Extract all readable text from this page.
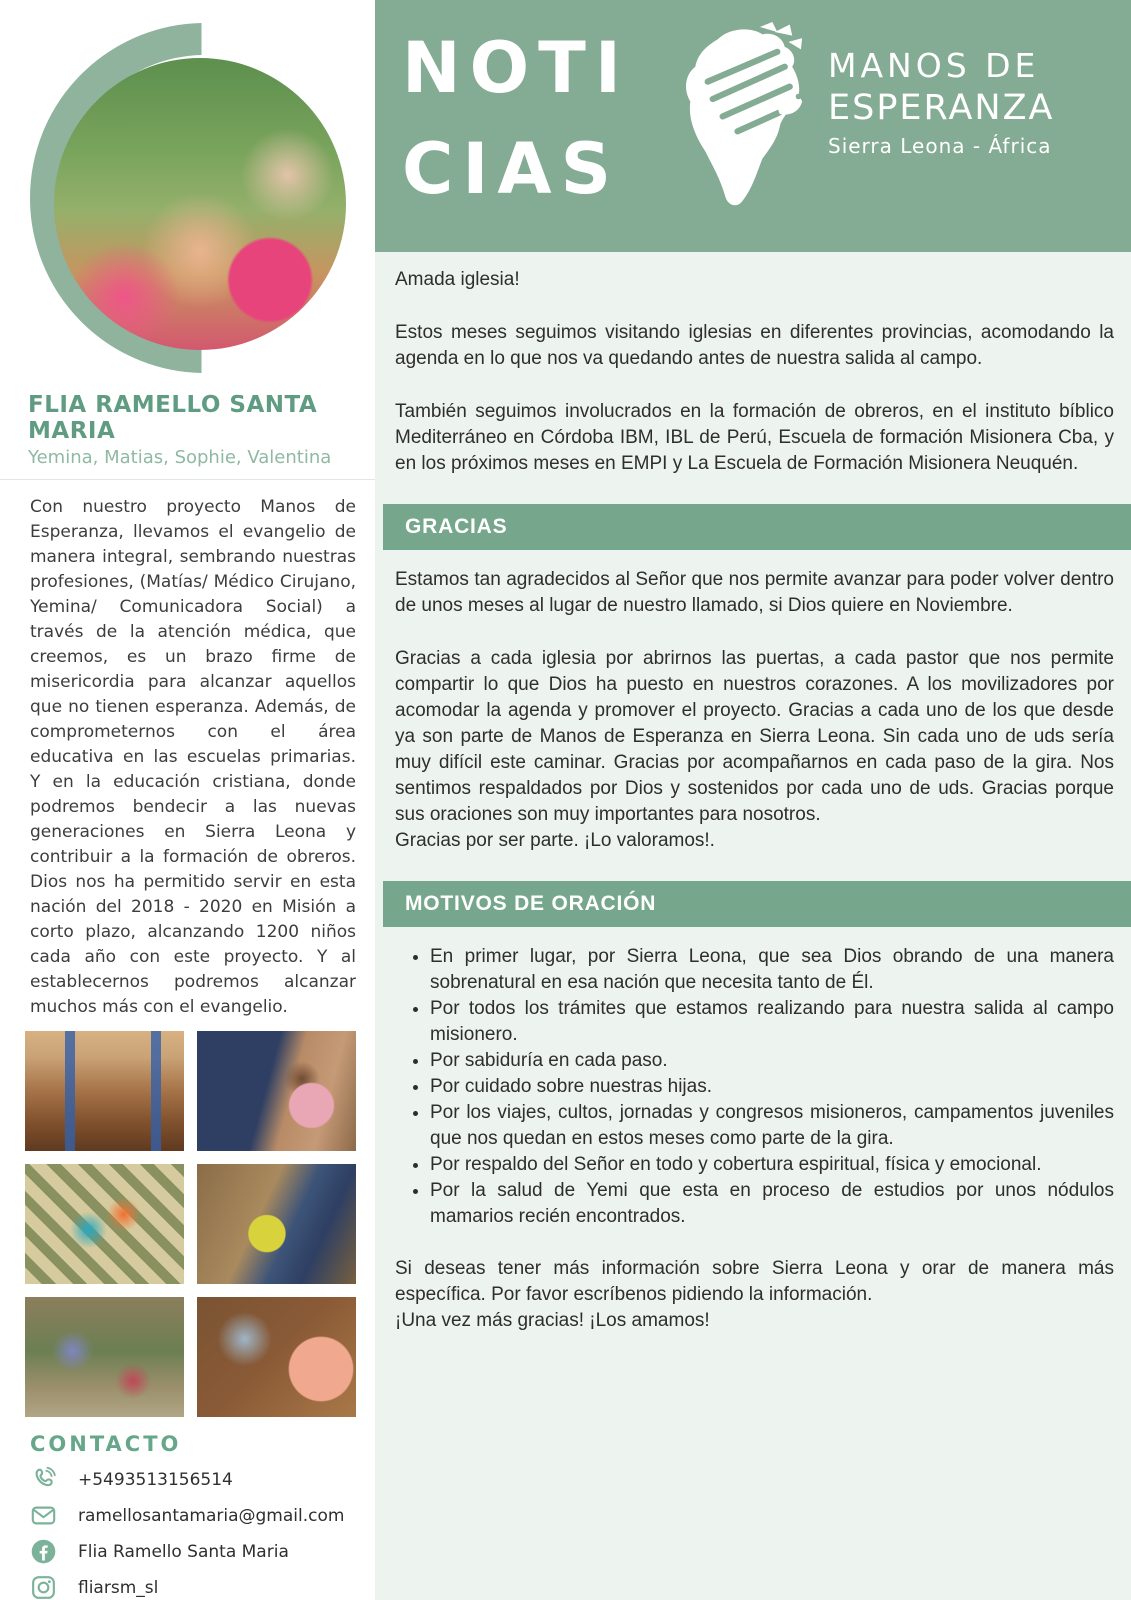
FLIA RAMELLO SANTA MARIA
Yemina, Matias, Sophie, Valentina

Con nuestro proyecto Manos de Esperanza, llevamos el evangelio de manera integral, sembrando nuestras profesiones, (Matías/ Médico Cirujano, Yemina/ Comunicadora Social) a través de la atención médica, que creemos, es un brazo firme de misericordia para alcanzar aquellos que no tienen esperanza. Además, de comprometernos con el área educativa en las escuelas primarias. Y en la educación cristiana, donde podremos bendecir a las nuevas generaciones en Sierra Leona y contribuir a la formación de obreros. Dios nos ha permitido servir en esta nación del 2018 - 2020 en Misión a corto plazo, alcanzando 1200 niños cada año con este proyecto. Y al establecernos podremos alcanzar muchos más con el evangelio.

CONTACTO
+5493513156514
ramellosantamaria@gmail.com
Flia Ramello Santa Maria
fliarsm_sl
NOTI
CIAS
MANOS DE
ESPERANZA
Sierra Leona - África

Amada iglesia!

Estos meses seguimos visitando iglesias en diferentes provincias, acomodando la agenda en lo que nos va quedando antes de nuestra salida al campo.

También seguimos involucrados en la formación de obreros, en el instituto bíblico Mediterráneo en Córdoba IBM, IBL de Perú, Escuela de formación Misionera Cba, y en los próximos meses en EMPI y La Escuela de Formación Misionera Neuquén.

GRACIAS

Estamos tan agradecidos al Señor que nos permite avanzar para poder volver dentro de unos meses al lugar de nuestro llamado, si Dios quiere en Noviembre.

Gracias a cada iglesia por abrirnos las puertas, a cada pastor que nos permite compartir lo que Dios ha puesto en nuestros corazones. A los movilizadores por acomodar la agenda y promover el proyecto. Gracias a cada uno de los que desde ya son parte de Manos de Esperanza en Sierra Leona. Sin cada uno de uds sería muy difícil este caminar. Gracias por acompañarnos en cada paso de la gira. Nos sentimos respaldados por Dios y sostenidos por cada uno de uds. Gracias porque sus oraciones son muy importantes para nosotros.

Gracias por ser parte. ¡Lo valoramos!.

MOTIVOS DE ORACIÓN
• En primer lugar, por Sierra Leona, que sea Dios obrando de una manera sobrenatural en esa nación que necesita tanto de Él.
• Por todos los trámites que estamos realizando para nuestra salida al campo misionero.
• Por sabiduría en cada paso.
• Por cuidado sobre nuestras hijas.
• Por los viajes, cultos, jornadas y congresos misioneros, campamentos juveniles que nos quedan en estos meses como parte de la gira.
• Por respaldo del Señor en todo y cobertura espiritual, física y emocional.
• Por la salud de Yemi que esta en proceso de estudios por unos nódulos mamarios recién encontrados.

Si deseas tener más información sobre Sierra Leona y orar de manera más específica. Por favor escríbenos pidiendo la información.

¡Una vez más gracias! ¡Los amamos!
